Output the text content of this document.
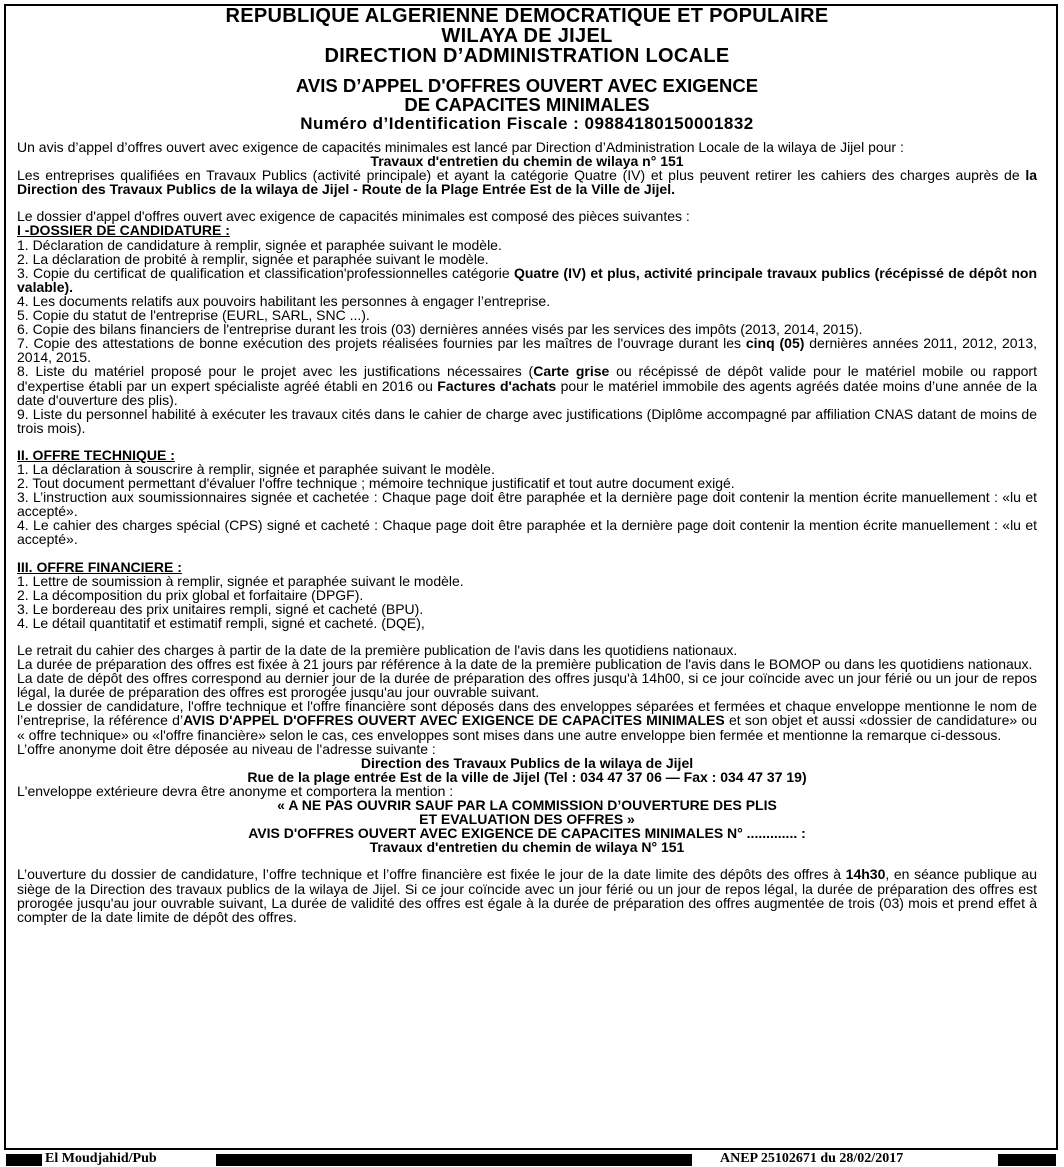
REPUBLIQUE ALGERIENNE DEMOCRATIQUE ET POPULAIRE
WILAYA DE JIJEL
DIRECTION D’ADMINISTRATION LOCALE
AVIS D’APPEL D'OFFRES OUVERT AVEC EXIGENCE
DE CAPACITES MINIMALES
Numéro d’Identification Fiscale : 09884180150001832
Un avis d’appel d’offres ouvert avec exigence de capacités minimales est lancé par Direction d’Administration Locale de la wilaya de Jijel pour :
Travaux d'entretien du chemin de wilaya n° 151
Les entreprises qualifiées en Travaux Publics (activité principale) et ayant la catégorie Quatre (IV) et plus peuvent retirer les cahiers des charges auprès de la Direction des Travaux Publics de la wilaya de Jijel - Route de la Plage Entrée Est de la Ville de Jijel.
Le dossier d'appel d'offres ouvert avec exigence de capacités minimales est composé des pièces suivantes :
I -DOSSIER DE CANDIDATURE :
1. Déclaration de candidature à remplir, signée et paraphée suivant le modèle.
2. La déclaration de probité à remplir, signée et paraphée suivant le modèle.
3. Copie du certificat de qualification et classification'professionnelles catégorie Quatre (IV) et plus, activité principale travaux publics (récépissé de dépôt non valable).
4. Les documents relatifs aux pouvoirs habilitant les personnes à engager l’entreprise.
5. Copie du statut de l'entreprise (EURL, SARL, SNC ...).
6. Copie des bilans financiers de l'entreprise durant les trois (03) dernières années visés par les services des impôts (2013, 2014, 2015).
7. Copie des attestations de bonne exécution des projets réalisées fournies par les maîtres de l'ouvrage durant les cinq (05) dernières années 2011, 2012, 2013, 2014, 2015.
8. Liste du matériel proposé pour le projet avec les justifications nécessaires (Carte grise ou récépissé de dépôt valide pour le matériel mobile ou rapport d'expertise établi par un expert spécialiste agréé établi en 2016 ou Factures d'achats pour le matériel immobile des agents agréés datée moins d’une année de la date d'ouverture des plis).
9. Liste du personnel habilité à exécuter les travaux cités dans le cahier de charge avec justifications (Diplôme accompagné par affiliation CNAS datant de moins de trois mois).
II. OFFRE TECHNIQUE :
1. La déclaration à souscrire à remplir, signée et paraphée suivant le modèle.
2. Tout document permettant d'évaluer l'offre technique ; mémoire technique justificatif et tout autre document exigé.
3. L’instruction aux soumissionnaires signée et cachetée : Chaque page doit être paraphée et la dernière page doit contenir la mention écrite manuellement : «lu et accepté».
4. Le cahier des charges spécial (CPS) signé et cacheté : Chaque page doit être paraphée et la dernière page doit contenir la mention écrite manuellement : «lu et accepté».
III. OFFRE FINANCIERE :
1. Lettre de soumission à remplir, signée et paraphée suivant le modèle.
2. La décomposition du prix global et forfaitaire (DPGF).
3. Le bordereau des prix unitaires rempli, signé et cacheté (BPU).
4. Le détail quantitatif et estimatif rempli, signé et cacheté. (DQE),
Le retrait du cahier des charges à partir de la date de la première publication de l'avis dans les quotidiens nationaux.
La durée de préparation des offres est fixée à 21 jours par référence à la date de la première publication de l'avis dans le BOMOP ou dans les quotidiens nationaux.
La date de dépôt des offres correspond au dernier jour de la durée de préparation des offres jusqu'à 14h00, si ce jour coïncide avec un jour férié ou un jour de repos légal, la durée de préparation des offres est prorogée jusqu'au jour ouvrable suivant.
Le dossier de candidature, l'offre technique et l'offre financière sont déposés dans des enveloppes séparées et fermées et chaque enveloppe mentionne le nom de l’entreprise, la référence d’AVIS D'APPEL D'OFFRES OUVERT AVEC EXIGENCE DE CAPACITES MINIMALES et son objet et aussi «dossier de candidature» ou « offre technique» ou «l'offre financière» selon le cas, ces enveloppes sont mises dans une autre enveloppe bien fermée et mentionne la remarque ci-dessous.
L’offre anonyme doit être déposée au niveau de l'adresse suivante :
Direction des Travaux Publics de la wilaya de Jijel
Rue de la plage entrée Est de la ville de Jijel (Tel : 034 47 37 06 — Fax : 034 47 37 19)
L'enveloppe extérieure devra être anonyme et comportera la mention :
« A NE PAS OUVRIR SAUF PAR LA COMMISSION D’OUVERTURE DES PLIS
ET EVALUATION DES OFFRES »
AVIS D'OFFRES OUVERT AVEC EXIGENCE DE CAPACITES MINIMALES N° ............. :
Travaux d'entretien du chemin de wilaya N° 151
L’ouverture du dossier de candidature, l’offre technique et l’offre financière est fixée le jour de la date limite des dépôts des offres à 14h30, en séance publique au siège de la Direction des travaux publics de la wilaya de Jijel. Si ce jour coïncide avec un jour férié ou un jour de repos légal, la durée de préparation des offres est prorogée jusqu'au jour ouvrable suivant, La durée de validité des offres est égale à la durée de préparation des offres augmentée de trois (03) mois et prend effet à compter de la date limite de dépôt des offres.
El Moudjahid/Pub	ANEP 25102671 du 28/02/2017
